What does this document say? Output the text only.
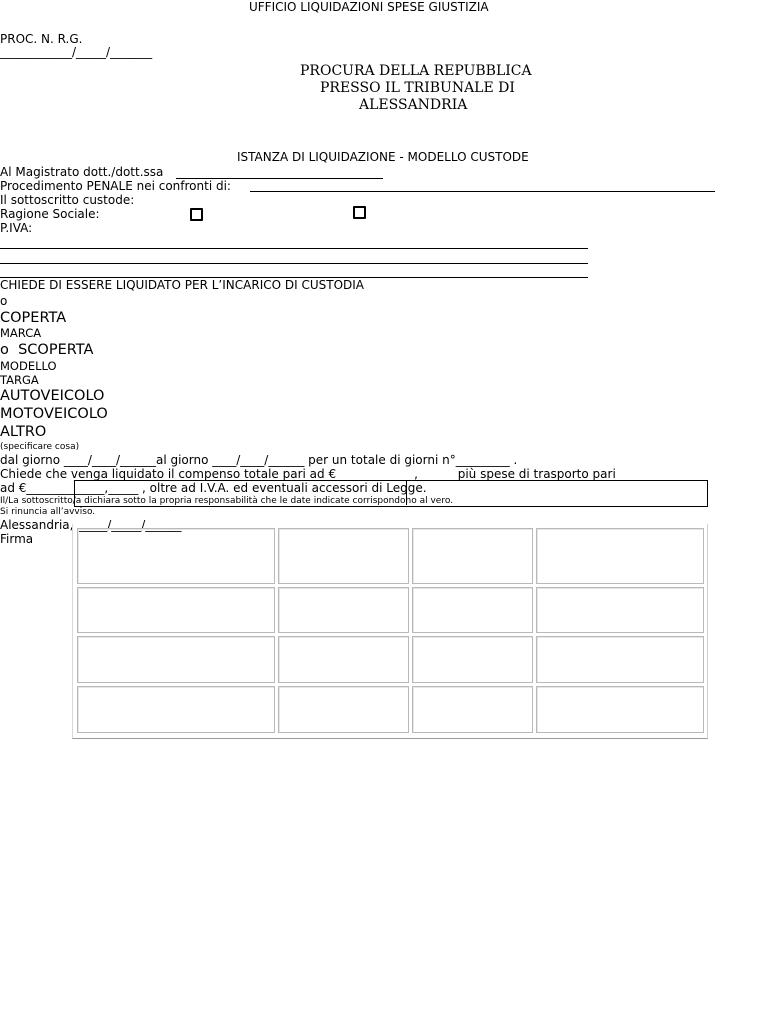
UFFICIO LIQUIDAZIONI SPESE GIUSTIZIA
PROC. N. R.G.
____________/_____/_______
PROCURA DELLA REPUBBLICA
PRESSO IL TRIBUNALE DI
ALESSANDRIA
ISTANZA DI LIQUIDAZIONE - MODELLO CUSTODE
Al Magistrato dott./dott.ssa
Procedimento PENALE nei confronti di:
Il sottoscritto custode:
Ragione Sociale:
P.IVA:
CHIEDE DI ESSERE LIQUIDATO PER L’INCARICO DI CUSTODIA
o
COPERTA
MARCA
o  SCOPERTA
MODELLO
TARGA
AUTOVEICOLO
MOTOVEICOLO
ALTRO
(specificare cosa)
dal giorno ____/____/______al giorno ____/____/______ per un totale di giorni n°_________ .
Chiede che venga liquidato il compenso totale pari ad €_____________,______ più spese di trasporto pari
ad €_____________,_____ , oltre ad I.V.A. ed eventuali accessori di Legge.
Il/La sottoscritto/a dichiara sotto la propria responsabilità che le date indicate corrispondono al vero.
Si rinuncia all’avviso.
Alessandria, _____/_____/______
Firma
